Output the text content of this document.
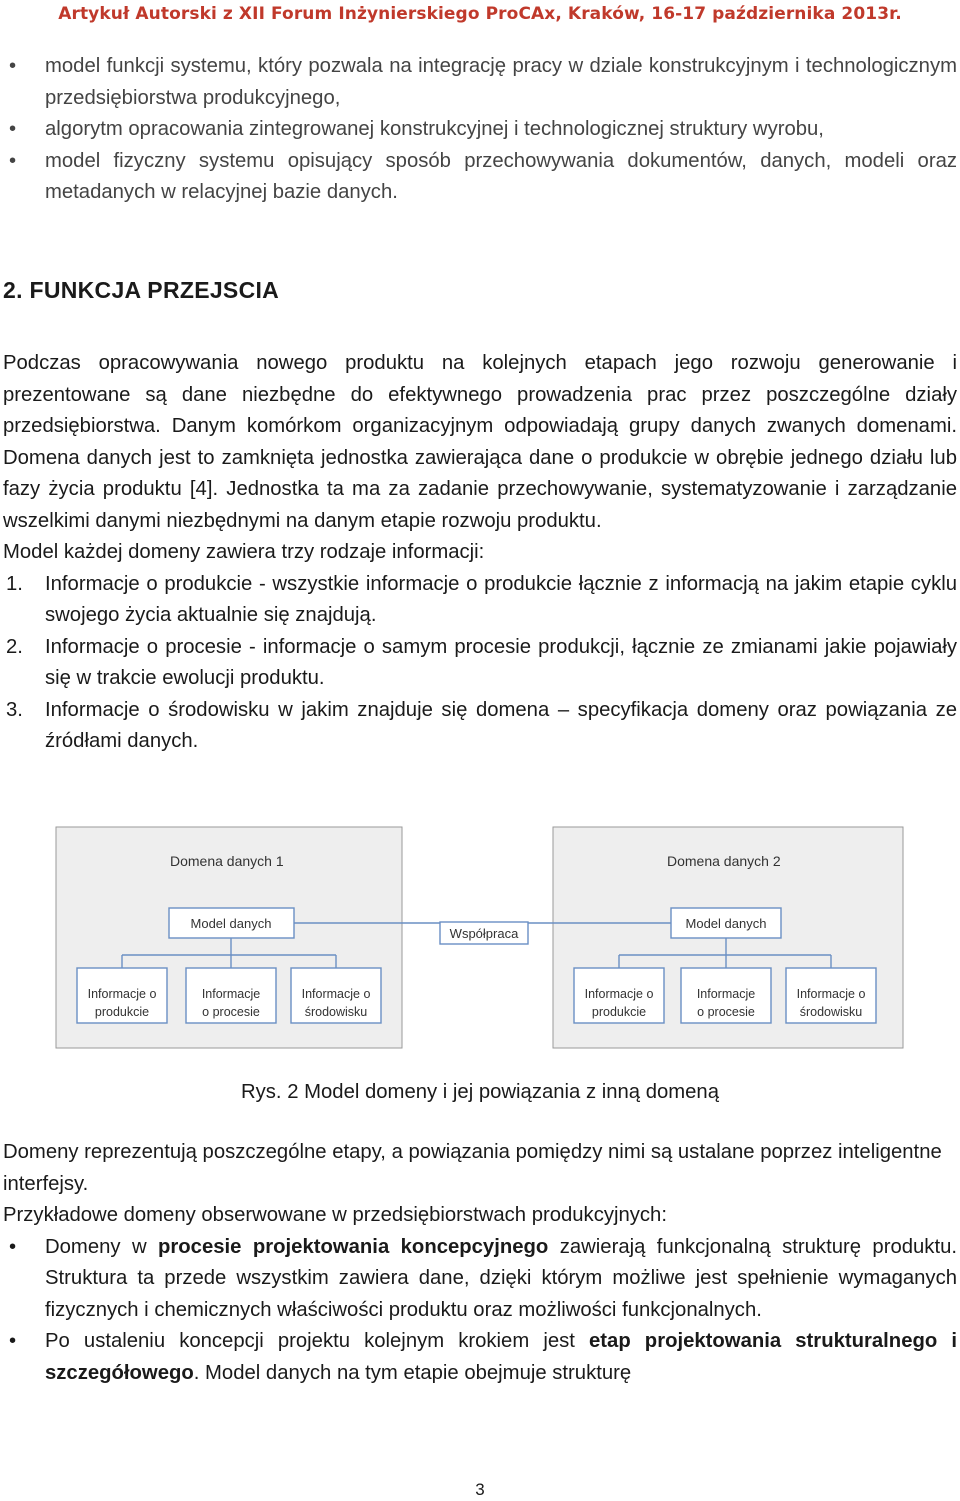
Artykuł Autorski z XII Forum Inżynierskiego ProCAx, Kraków, 16-17 października 2013r.
• model funkcji systemu, który pozwala na integrację pracy w dziale konstrukcyjnym i technologicznym przedsiębiorstwa produkcyjnego,
• algorytm opracowania zintegrowanej konstrukcyjnej i technologicznej struktury wyrobu,
• model fizyczny systemu opisujący sposób przechowywania dokumentów, danych, modeli oraz metadanych w relacyjnej bazie danych.
2. FUNKCJA PRZEJSCIA

Podczas opracowywania nowego produktu na kolejnych etapach jego rozwoju generowanie i prezentowane są dane niezbędne do efektywnego prowadzenia prac przez poszczególne działy przedsiębiorstwa. Danym komórkom organizacyjnym odpowiadają grupy danych zwanych domenami. Domena danych jest to zamknięta jednostka zawierająca dane o produkcie w obrębie jednego działu lub fazy życia produktu [4]. Jednostka ta ma za zadanie przechowywanie, systematyzowanie i zarządzanie wszelkimi danymi niezbędnymi na danym etapie rozwoju produktu.

Model każdej domeny zawiera trzy rodzaje informacji:

1. Informacje o produkcie - wszystkie informacje o produkcie łącznie z informacją na jakim etapie cyklu swojego życia aktualnie się znajdują.
2. Informacje o procesie - informacje o samym procesie produkcji, łącznie ze zmianami jakie pojawiały się w trakcie ewolucji produktu.
3. Informacje o środowisku w jakim znajduje się domena – specyfikacja domeny oraz powiązania ze źródłami danych.
Domena danych 1	Domena danych 2
Model danych	Model danych
Współpraca
Informacje o
produkcie
Informacje
o procesie
Informacje o
środowisku
Informacje o
produkcie
Informacje
o procesie
Informacje o
środowisku
Rys. 2 Model domeny i jej powiązania z inną domeną

Domeny reprezentują poszczególne etapy, a powiązania pomiędzy nimi są ustalane poprzez inteligentne interfejsy.

Przykładowe domeny obserwowane w przedsiębiorstwach produkcyjnych:

• Domeny w procesie projektowania koncepcyjnego zawierają funkcjonalną strukturę produktu. Struktura ta przede wszystkim zawiera dane, dzięki którym możliwe jest spełnienie wymaganych fizycznych i chemicznych właściwości produktu oraz możliwości funkcjonalnych.
• Po ustaleniu koncepcji projektu kolejnym krokiem jest etap projektowania strukturalnego i szczegółowego. Model danych na tym etapie obejmuje strukturę
3
